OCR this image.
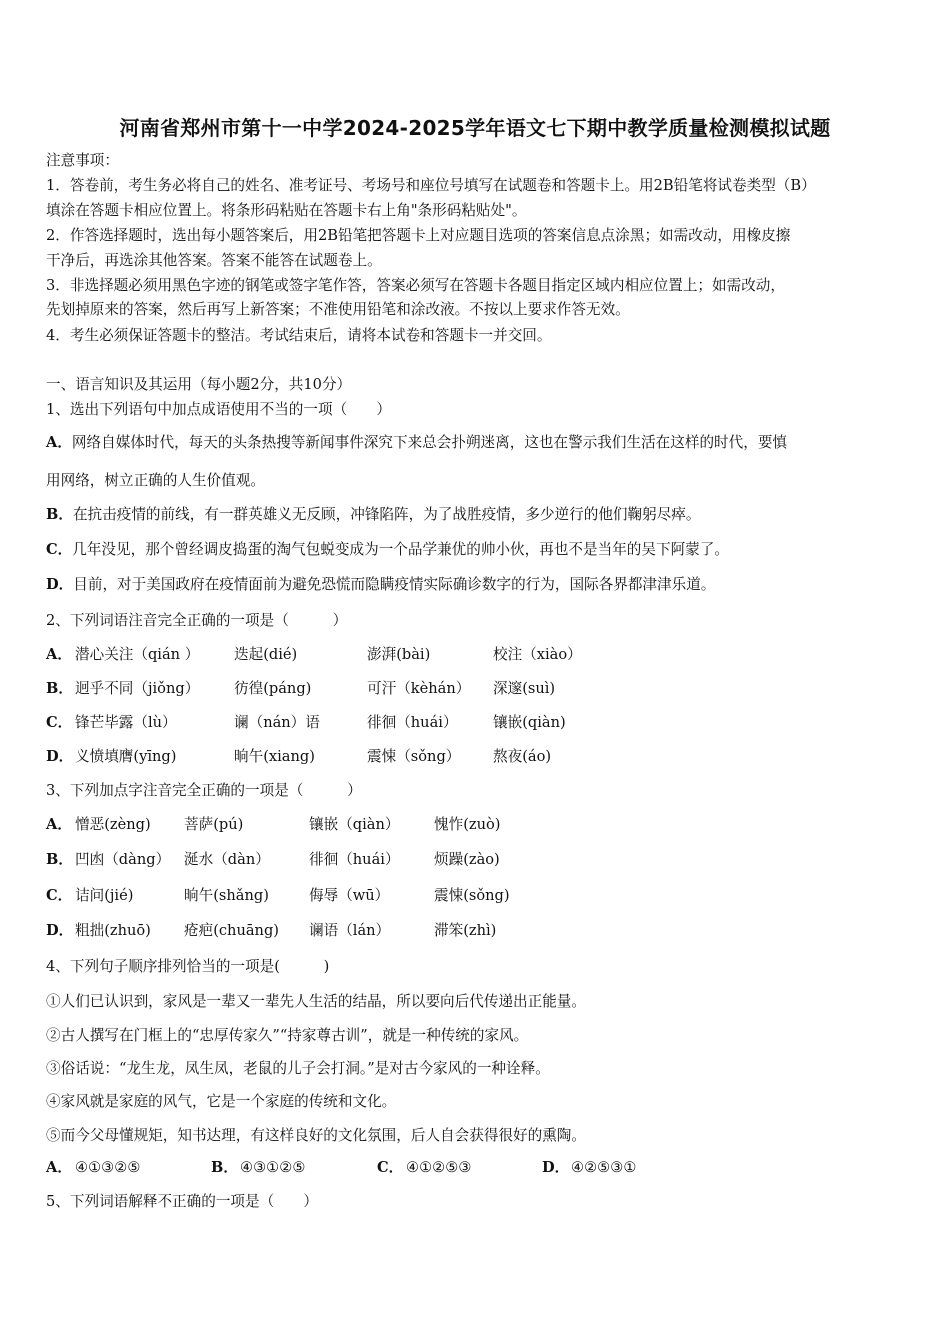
河南省郑州市第十一中学2024-2025学年语文七下期中教学质量检测模拟试题
注意事项：
1．答卷前，考生务必将自己的姓名、准考证号、考场号和座位号填写在试题卷和答题卡上。用2B铅笔将试卷类型（B）
填涂在答题卡相应位置上。将条形码粘贴在答题卡右上角"条形码粘贴处"。
2．作答选择题时，选出每小题答案后，用2B铅笔把答题卡上对应题目选项的答案信息点涂黑；如需改动，用橡皮擦
干净后，再选涂其他答案。答案不能答在试题卷上。
3．非选择题必须用黑色字迹的钢笔或签字笔作答，答案必须写在答题卡各题目指定区域内相应位置上；如需改动，
先划掉原来的答案，然后再写上新答案；不准使用铅笔和涂改液。不按以上要求作答无效。
4．考生必须保证答题卡的整洁。考试结束后，请将本试卷和答题卡一并交回。
一、语言知识及其运用（每小题2分，共10分）
1、选出下列语句中加点成语使用不当的一项（　　）
A．网络自媒体时代，每天的头条热搜等新闻事件深究下来总会扑朔迷离，这也在警示我们生活在这样的时代，要慎
用网络，树立正确的人生价值观。
B．在抗击疫情的前线，有一群英雄义无反顾，冲锋陷阵，为了战胜疫情，多少逆行的他们鞠躬尽瘁。
C．几年没见，那个曾经调皮捣蛋的淘气包蜕变成为一个品学兼优的帅小伙，再也不是当年的吴下阿蒙了。
D．目前，对于美国政府在疫情面前为避免恐慌而隐瞒疫情实际确诊数字的行为，国际各界都津津乐道。
2、下列词语注音完全正确的一项是（　　　）
A． 潜心关注（qián ） 迭起(dié)	澎湃(bài)	校注（xiào）
B． 迥乎不同（jiǒng） 彷徨(páng)	可汗（kèhán） 深邃(suì)
C． 锋芒毕露（lù）	谰（nán）语	徘徊（huái） 镶嵌(qiàn)
D． 义愤填膺(yīng)	晌午(xiang)	震悚（sǒng） 熬夜(áo)
3、下列加点字注音完全正确的一项是（　　　）
A． 憎恶(zèng) 菩萨(pú)	镶嵌（qiàn） 愧怍(zuò)
B． 凹凼（dàng） 涎水（dàn）	徘徊（huái） 烦躁(zào)
C． 诘问(jié)	晌午(shǎng)	侮辱（wū）	震悚(sǒng)
D． 粗拙(zhuō) 疮疤(chuāng) 谰语（lán）	滞笨(zhì)
4、下列句子顺序排列恰当的一项是(　　　)
①人们已认识到，家风是一辈又一辈先人生活的结晶，所以要向后代传递出正能量。
②古人撰写在门框上的“忠厚传家久”“持家尊古训”，就是一种传统的家风。
③俗话说：“龙生龙，凤生凤，老鼠的儿子会打洞。”是对古今家风的一种诠释。
④家风就是家庭的风气，它是一个家庭的传统和文化。
⑤而今父母懂规矩，知书达理，有这样良好的文化氛围，后人自会获得很好的熏陶。
A． ④①③②⑤	B． ④③①②⑤	C． ④①②⑤③	D． ④②⑤③①
5、下列词语解释不正确的一项是（　　）
